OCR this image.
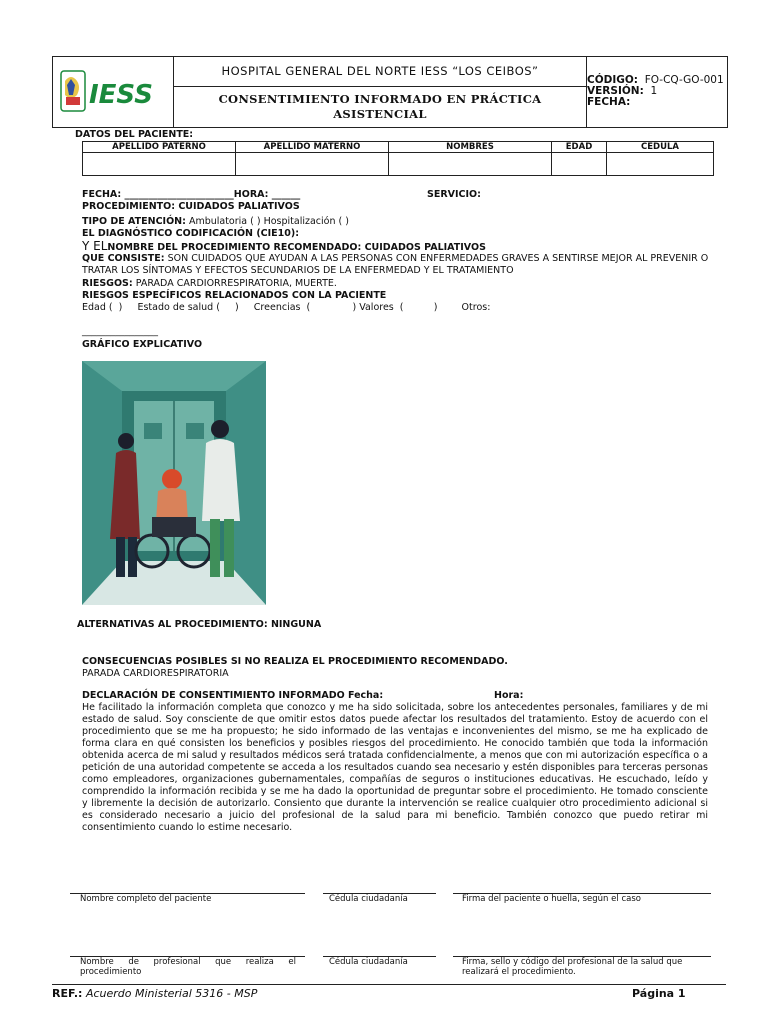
IESS
HOSPITAL GENERAL DEL NORTE IESS “LOS CEIBOS”
CONSENTIMIENTO INFORMADO EN PRÁCTICA
ASISTENCIAL
CÓDIGO: FO-CQ-GO-001
VERSIÓN: 1
FECHA:
DATOS DEL PACIENTE:
APELLIDO PATERNO	APELLIDO MATERNO	NOMBRES	EDAD	CEDULA

FECHA: _______________________HORA: ______	SERVICIO:
PROCEDIMIENTO: CUIDADOS PALIATIVOS
TIPO DE ATENCIÓN: Ambulatoria ( ) Hospitalización ( )
EL DIAGNÓSTICO CODIFICACIÓN (CIE10):
Y ELNOMBRE DEL PROCEDIMIENTO RECOMENDADO: CUIDADOS PALIATIVOS
QUE CONSISTE: SON CUIDADOS QUE AYUDAN A LAS PERSONAS CON ENFERMEDADES GRAVES A SENTIRSE MEJOR AL PREVENIR O TRATAR LOS SÍNTOMAS Y EFECTOS SECUNDARIOS DE LA ENFERMEDAD Y EL TRATAMIENTO
RIESGOS: PARADA CARDIORRESPIRATORIA, MUERTE.
RIESGOS ESPECÍFICOS RELACIONADOS CON LA PACIENTE
Edad (  )     Estado de salud (     )     Creencias  (              ) Valores  (          )        Otros:
________________
GRÁFICO EXPLICATIVO
ALTERNATIVAS AL PROCEDIMIENTO: NINGUNA
CONSECUENCIAS POSIBLES SI NO REALIZA EL PROCEDIMIENTO RECOMENDADO.
PARADA CARDIORESPIRATORIA
DECLARACIÓN DE CONSENTIMIENTO INFORMADO Fecha:	Hora:
He facilitado la información completa que conozco y me ha sido solicitada, sobre los antecedentes personales, familiares y de mi estado de salud. Soy consciente de que omitir estos datos puede afectar los resultados del tratamiento. Estoy de acuerdo con el procedimiento que se me ha propuesto; he sido informado de las ventajas e inconvenientes del mismo, se me ha explicado de forma clara en qué consisten los beneficios y posibles riesgos del procedimiento. He conocido también que toda la información obtenida acerca de mi salud y resultados médicos será tratada confidencialmente, a menos que con mi autorización específica o a petición de una autoridad competente se acceda a los resultados cuando sea necesario y estén disponibles para terceras personas como empleadores, organizaciones gubernamentales, compañías de seguros o instituciones educativas. He escuchado, leído y comprendido la información recibida y se me ha dado la oportunidad de preguntar sobre el procedimiento. He tomado consciente y libremente la decisión de autorizarlo. Consiento que durante la intervención se realice cualquier otro procedimiento adicional si es considerado necesario a juicio del profesional de la salud para mi beneficio. También conozco que puedo retirar mi consentimiento cuando lo estime necesario.
Nombre completo del paciente	Cédula ciudadanía	Firma del paciente o huella, según el caso
Nombre de profesional que realiza el procedimiento
Cédula ciudadanía	Firma, sello y código del profesional de la salud que realizará el procedimiento.
REF.: Acuerdo Ministerial 5316 - MSP	Página 1
